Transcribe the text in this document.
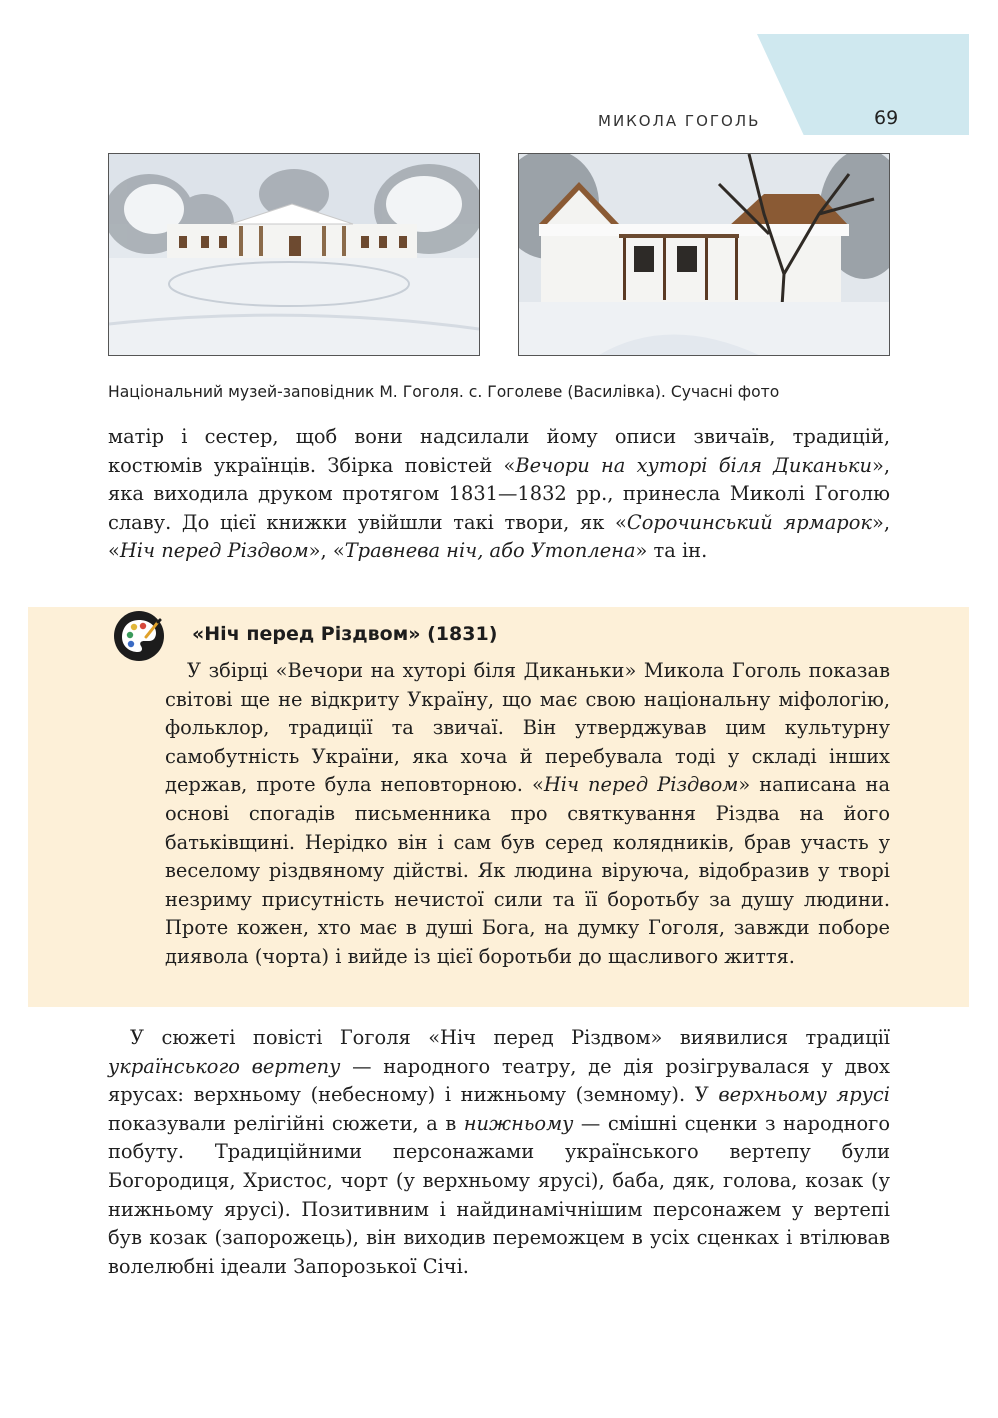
МИКОЛА ГОГОЛЬ	69
Національний музей-заповідник М. Гоголя. с. Гоголеве (Василівка). Сучасні фото

матір і сестер, щоб вони надсилали йому описи звичаїв, традицій, костюмів українців. Збірка повістей «Вечори на хуторі біля Диканьки», яка виходила друком протягом 1831—1832 рр., принесла Миколі Гоголю славу. До цієї книжки увійшли такі твори, як «Сорочинський ярмарок», «Ніч перед Різдвом», «Травнева ніч, або Утоплена» та ін.

«Ніч перед Різдвом» (1831)

У збірці «Вечори на хуторі біля Диканьки» Микола Гоголь показав світові ще не відкриту Україну, що має свою національну міфологію, фольклор, традиції та звичаї. Він утверджував цим культурну самобутність України, яка хоча й перебувала тоді у складі інших держав, проте була неповторною. «Ніч перед Різдвом» написана на основі спогадів письменника про святкування Різдва на його батьківщині. Нерідко він і сам був серед колядників, брав участь у веселому різдвяному дійстві. Як людина віруюча, відобразив у творі незриму присутність нечистої сили та її боротьбу за душу людини. Проте кожен, хто має в душі Бога, на думку Гоголя, завжди поборе диявола (чорта) і вийде із цієї боротьби до щасливого життя.

У сюжеті повісті Гоголя «Ніч перед Різдвом» виявилися традиції українського вертепу — народного театру, де дія розігрувалася у двох ярусах: верхньому (небесному) і нижньому (земному). У верхньому ярусі показували релігійні сюжети, а в нижньому — смішні сценки з народного побуту. Традиційними персонажами українського вертепу були Богородиця, Христос, чорт (у верхньому ярусі), баба, дяк, голова, козак (у нижньому ярусі). Позитивним і найдинамічнішим персонажем у вертепі був козак (запорожець), він виходив переможцем в усіх сценках і втілював волелюбні ідеали Запорозької Січі.
